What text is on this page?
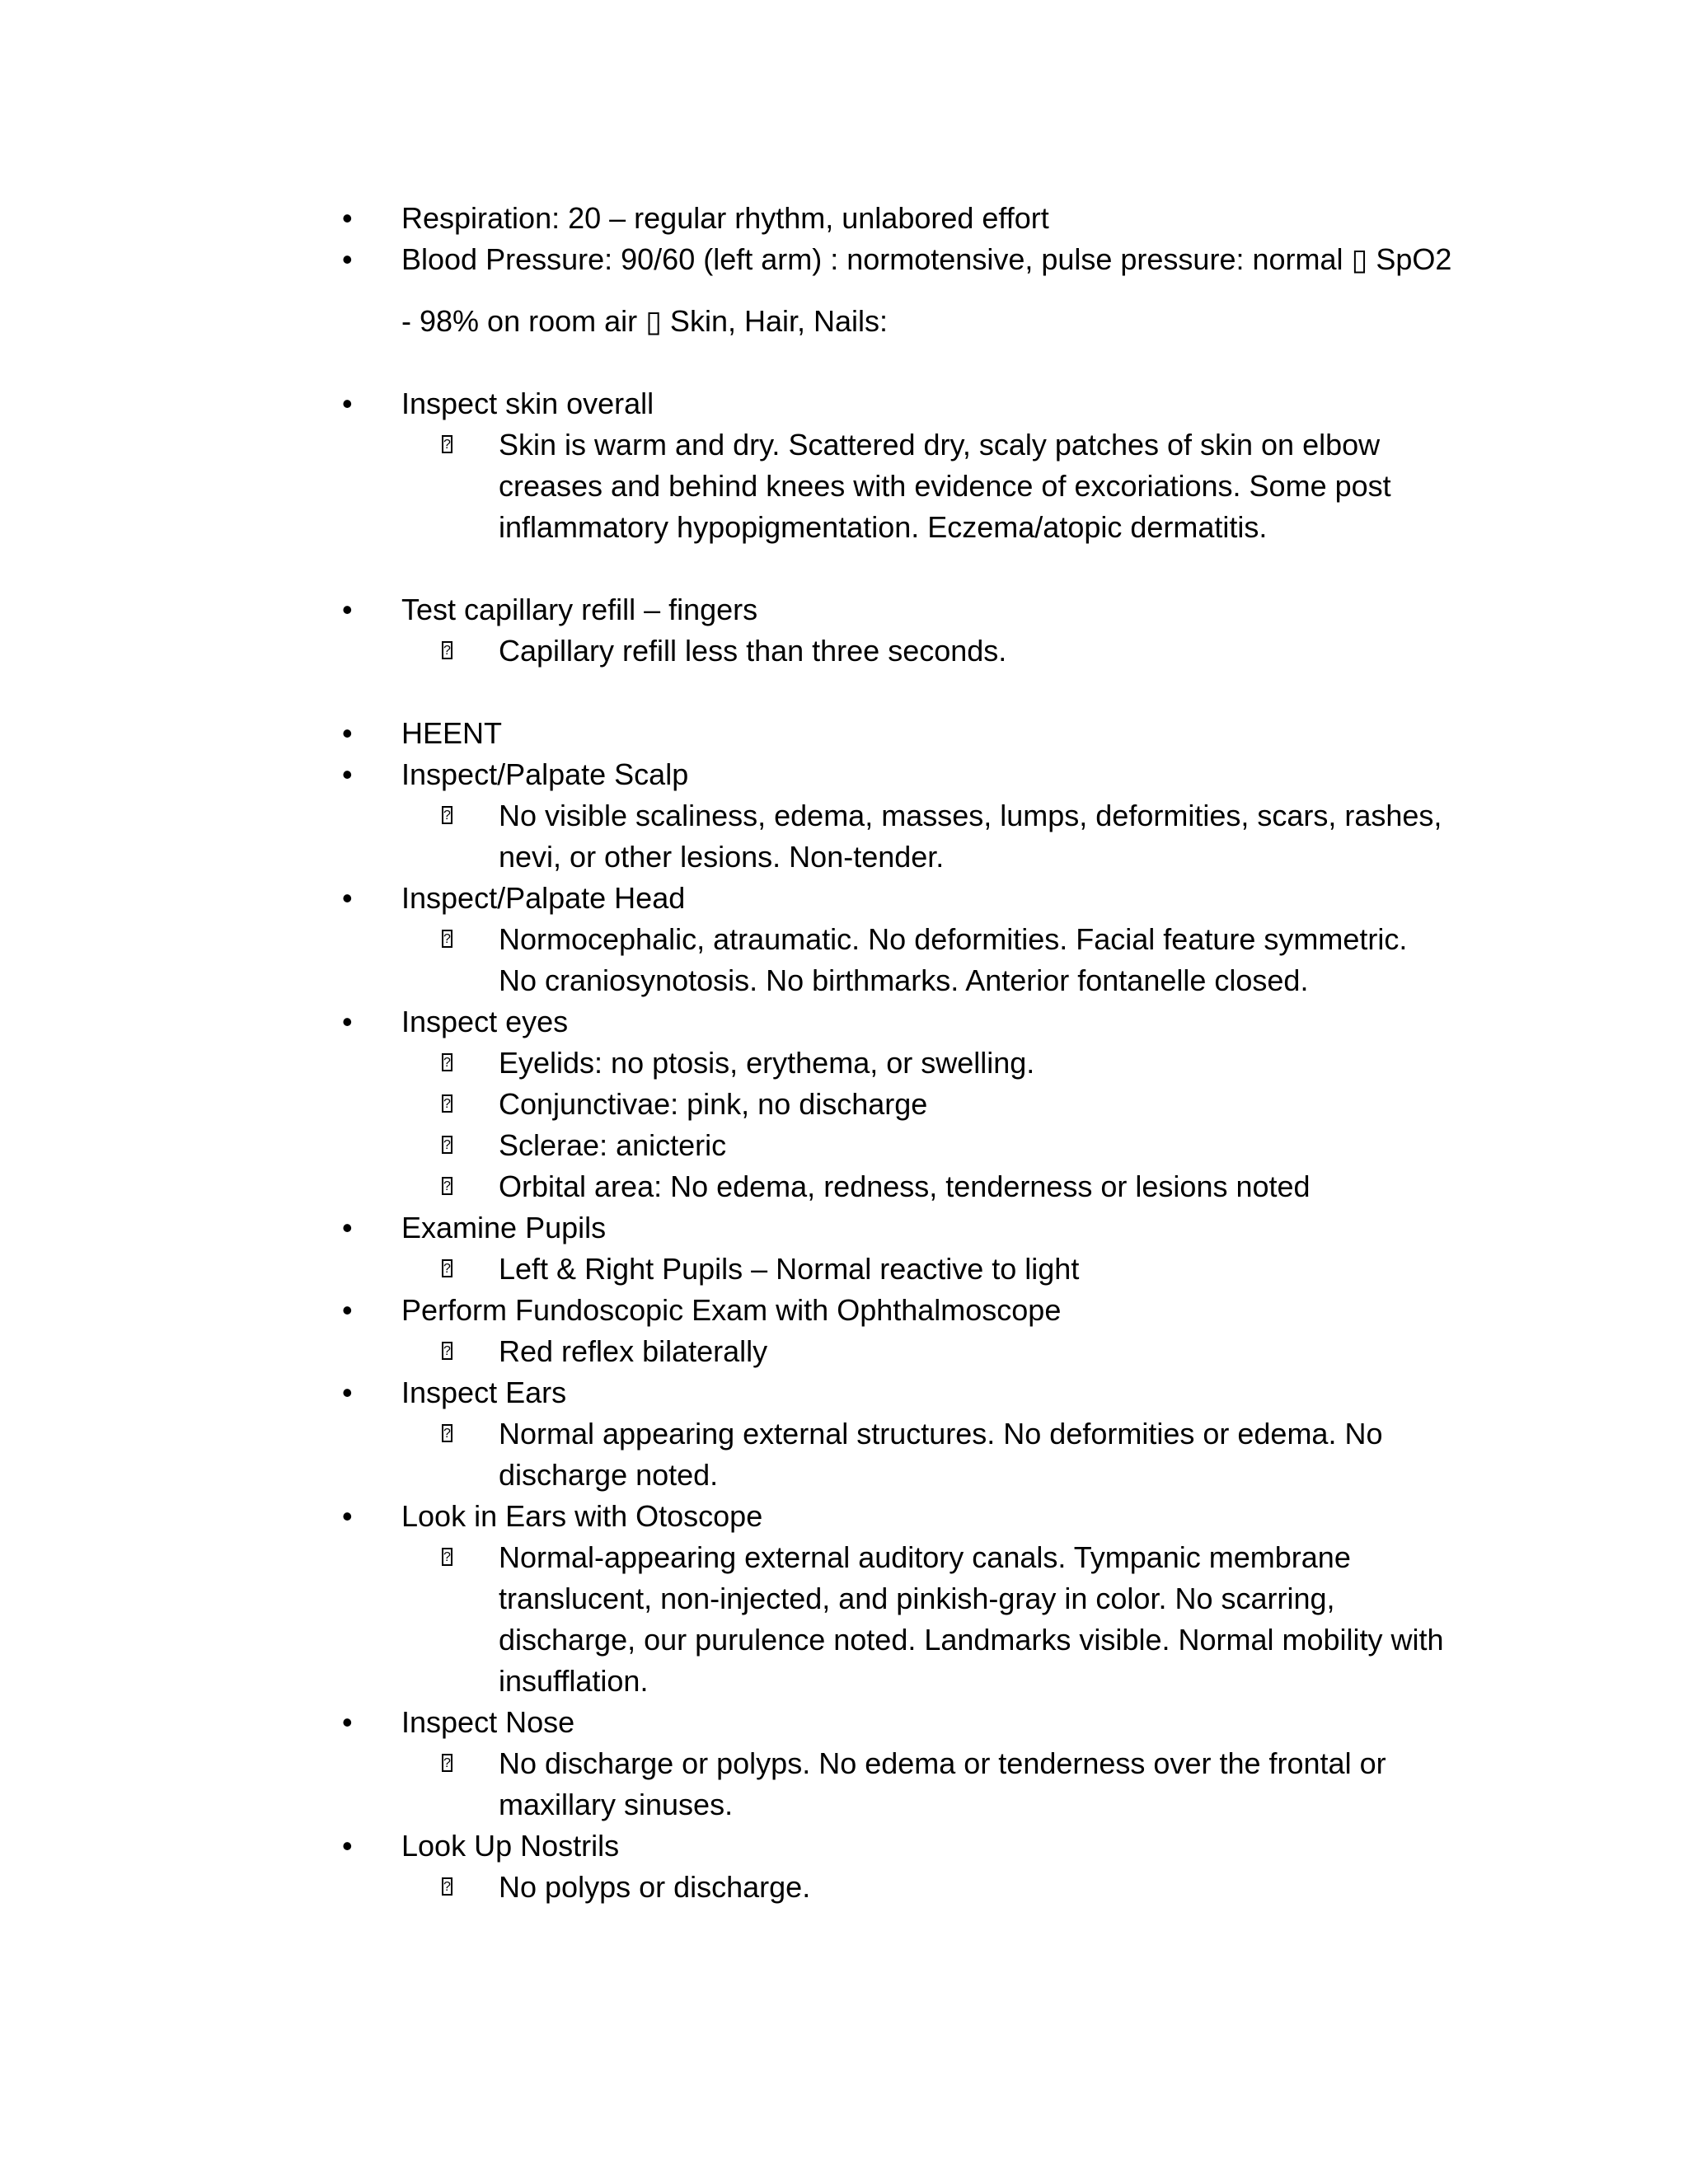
• Respiration: 20 – regular rhythm, unlabored effort
• Blood Pressure: 90/60 (left arm) : normotensive, pulse pressure: normal ▯ SpO2
- 98% on room air ▯ Skin, Hair, Nails:
• Inspect skin overall
?
Skin is warm and dry. Scattered dry, scaly patches of skin on elbow
creases and behind knees with evidence of excoriations. Some post
inflammatory hypopigmentation. Eczema/atopic dermatitis.
• Test capillary refill – fingers
?
Capillary refill less than three seconds.
• HEENT
• Inspect/Palpate Scalp
?
No visible scaliness, edema, masses, lumps, deformities, scars, rashes,
nevi, or other lesions. Non-tender.
• Inspect/Palpate Head
?
Normocephalic, atraumatic. No deformities. Facial feature symmetric.
No craniosynotosis. No birthmarks. Anterior fontanelle closed.
• Inspect eyes
?
Eyelids: no ptosis, erythema, or swelling.
?
Conjunctivae: pink, no discharge
?
Sclerae: anicteric
?
Orbital area: No edema, redness, tenderness or lesions noted
• Examine Pupils
?
Left & Right Pupils – Normal reactive to light
• Perform Fundoscopic Exam with Ophthalmoscope
?
Red reflex bilaterally
• Inspect Ears
?
Normal appearing external structures. No deformities or edema. No
discharge noted.
• Look in Ears with Otoscope
?
Normal-appearing external auditory canals. Tympanic membrane
translucent, non-injected, and pinkish-gray in color. No scarring,
discharge, our purulence noted. Landmarks visible. Normal mobility with
insufflation.
• Inspect Nose
?
No discharge or polyps. No edema or tenderness over the frontal or
maxillary sinuses.
• Look Up Nostrils
?
No polyps or discharge.
